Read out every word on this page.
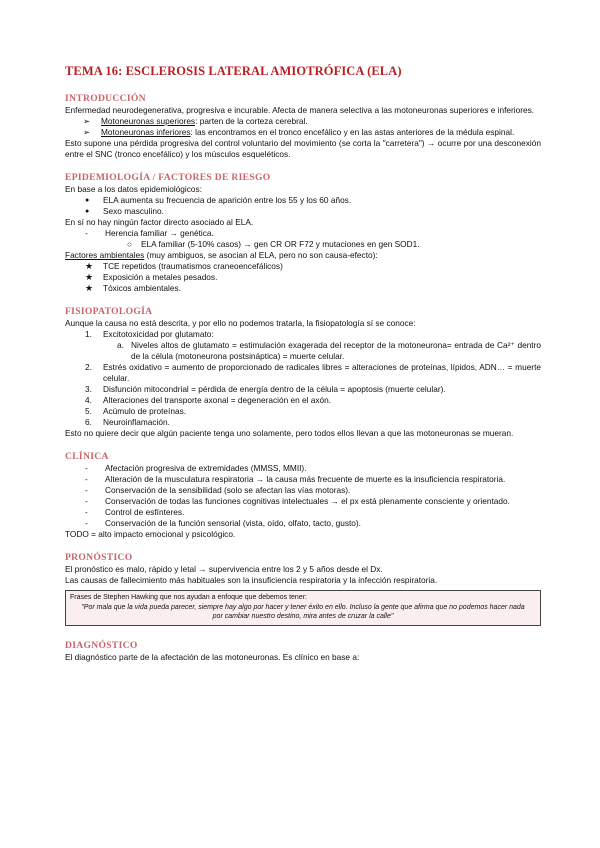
TEMA 16: ESCLEROSIS LATERAL AMIOTRÓFICA (ELA)
INTRODUCCIÓN

Enfermedad neurodegenerativa, progresiva e incurable. Afecta de manera selectiva a las motoneuronas superiores e inferiores.

➢	Motoneuronas superiores: parten de la corteza cerebral.
➢	Motoneuronas inferiores: las encontramos en el tronco encefálico y en las astas anteriores de la médula espinal.

Esto supone una pérdida progresiva del control voluntario del movimiento (se corta la "carretera") → ocurre por una desconexión entre el SNC (tronco encefálico) y los músculos esqueléticos.

EPIDEMIOLOGÍA / FACTORES DE RIESGO

En base a los datos epidemiológicos:

●	ELA aumenta su frecuencia de aparición entre los 55 y los 60 años.
●	Sexo masculino.

En sí no hay ningún factor directo asociado al ELA.

-	Herencia familiar → genética.
○	ELA familiar (5-10% casos) → gen CR OR F72 y mutaciones en gen SOD1.

Factores ambientales (muy ambiguos, se asocian al ELA, pero no son causa-efecto):

★	TCE repetidos (traumatismos craneoencefálicos)
★	Exposición a metales pesados.
★	Tóxicos ambientales.
FISIOPATOLOGÍA

Aunque la causa no está descrita, y por ello no podemos tratarla, la fisiopatología sí se conoce:

1.	Excitotoxicidad por glutamato:
a. Niveles altos de glutamato = estimulación exagerada del receptor de la motoneurona= entrada de Ca²⁺ dentro de la célula (motoneurona postsináptica) = muerte celular.
2.	Estrés oxidativo = aumento de proporcionado de radicales libres = alteraciones de proteínas, lípidos, ADN… = muerte celular.
3.	Disfunción mitocondrial = pérdida de energía dentro de la célula = apoptosis (muerte celular).
4.	Alteraciones del transporte axonal = degeneración en el axón.
5.	Acúmulo de proteínas.
6.	Neuroinflamación.

Esto no quiere decir que algún paciente tenga uno solamente, pero todos ellos llevan a que las motoneuronas se mueran.

CLÍNICA
-	Afectación progresiva de extremidades (MMSS, MMII).
-	Alteración de la musculatura respiratoria → la causa más frecuente de muerte es la insuficiencia respiratoria.
-	Conservación de la sensibilidad (solo se afectan las vías motoras).
-	Conservación de todas las funciones cognitivas intelectuales → el px está plenamente consciente y orientado.
-	Control de esfínteres.
-	Conservación de la función sensorial (vista, oído, olfato, tacto, gusto).

TODO = alto impacto emocional y psicológico.

PRONÓSTICO

El pronóstico es malo, rápido y letal → supervivencia entre los 2 y 5 años desde el Dx.

Las causas de fallecimiento más habituales son la insuficiencia respiratoria y la infección respiratoria.

Frases de Stephen Hawking que nos ayudan a enfoque que debemos tener:
"Por mala que la vida pueda parecer, siempre hay algo por hacer y tener éxito en ello. Incluso la gente que afirma que no podemos hacer nada por cambiar nuestro destino, mira antes de cruzar la calle"
DIAGNÓSTICO

El diagnóstico parte de la afectación de las motoneuronas. Es clínico en base a:
